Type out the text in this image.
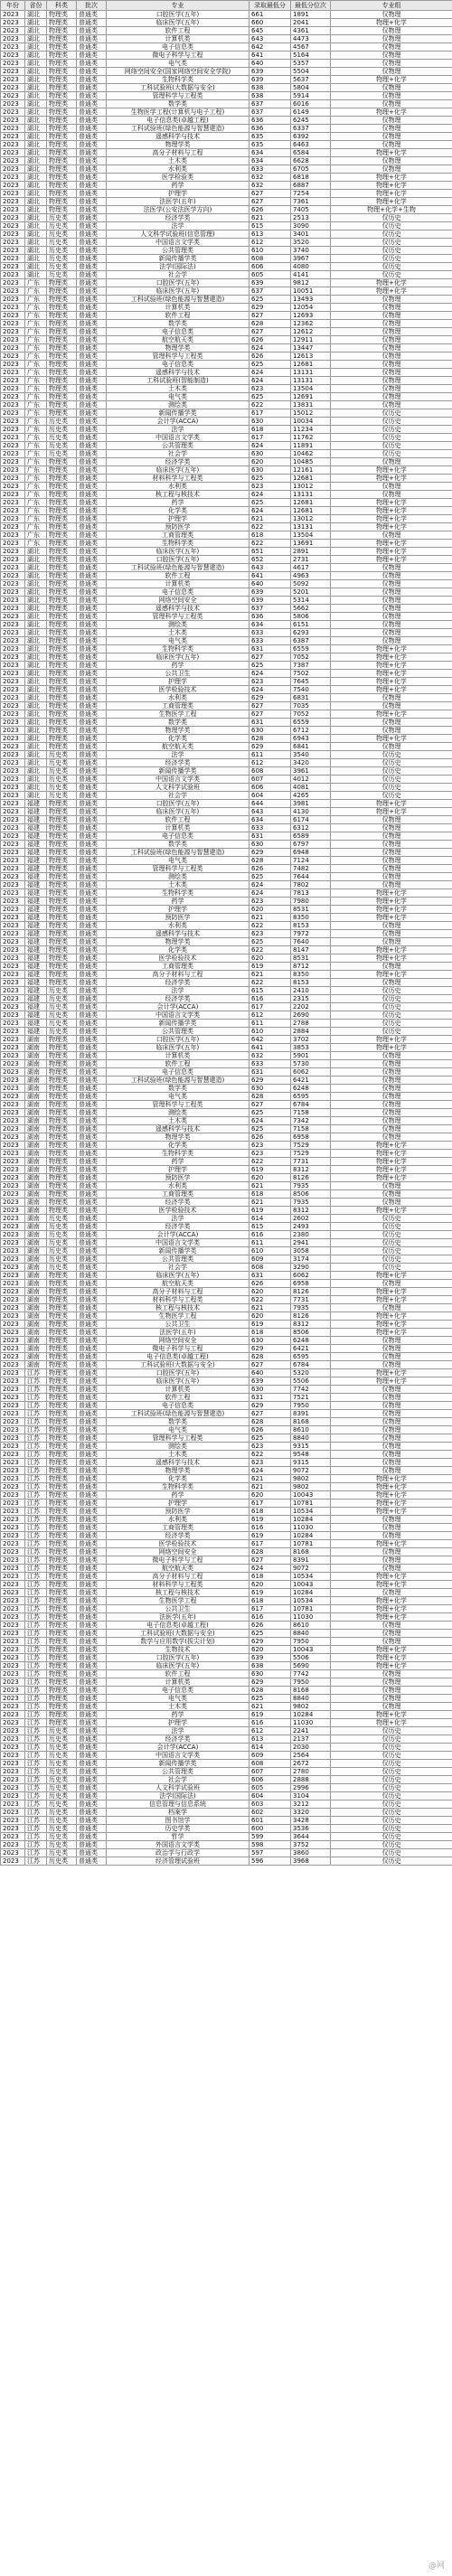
年份	省份	科类	批次	专业	录取最低分	最低分位次	专业组
2023	湖北	物理类	普通类	口腔医学(五年)	661	1891	仅物理
2023	湖北	物理类	普通类	临床医学(五年)	660	2041	物理+化学
2023	湖北	物理类	普通类	软件工程	645	4361	仅物理
2023	湖北	物理类	普通类	计算机类	643	4473	仅物理
2023	湖北	物理类	普通类	电子信息类	642	4567	仅物理
2023	湖北	物理类	普通类	微电子科学与工程	641	5164	仅物理
2023	湖北	物理类	普通类	电气类	640	5357	仅物理
2023	湖北	物理类	普通类	网络空间安全(国家网络空间安全学院)	639	5504	仅物理
2023	湖北	物理类	普通类	生物科学类	639	5637	物理+化学
2023	湖北	物理类	普通类	工科试验班(大数据与安全)	638	5804	仅物理
2023	湖北	物理类	普通类	管理科学与工程类	638	5914	仅物理
2023	湖北	物理类	普通类	数学类	637	6016	仅物理
2023	湖北	物理类	普通类	生物医学工程(计算机与电子工程)	637	6149	物理+化学
2023	湖北	物理类	普通类	电子信息类(卓越工程)	636	6245	仅物理
2023	湖北	物理类	普通类	工科试验班(绿色能源与智慧建造)	636	6337	仅物理
2023	湖北	物理类	普通类	遥感科学与技术	635	6392	仅物理
2023	湖北	物理类	普通类	物理学类	635	6463	仅物理
2023	湖北	物理类	普通类	高分子材料与工程	634	6584	物理+化学
2023	湖北	物理类	普通类	土木类	634	6628	仅物理
2023	湖北	物理类	普通类	水利类	633	6705	仅物理
2023	湖北	物理类	普通类	医学检验类	632	6818	物理+化学
2023	湖北	物理类	普通类	药学	632	6887	物理+化学
2023	湖北	物理类	普通类	护理学	627	7254	物理+化学
2023	湖北	物理类	普通类	法医学(五年)	627	7361	物理+化学
2023	湖北	物理类	普通类	法医学(公安法医学方向)	626	7405	物理+化学+生物
2023	湖北	历史类	普通类	经济学类	621	2513	仅历史
2023	湖北	历史类	普通类	法学	615	3090	仅历史
2023	湖北	历史类	普通类	人文科学试验班(信息管理)	613	3401	仅历史
2023	湖北	历史类	普通类	中国语言文学类	612	3520	仅历史
2023	湖北	历史类	普通类	公共管理类	610	3740	仅历史
2023	湖北	历史类	普通类	新闻传播学类	608	3967	仅历史
2023	湖北	历史类	普通类	法学(国际法)	606	4080	仅历史
2023	湖北	历史类	普通类	社会学	605	4141	仅历史
2023	广东	物理类	普通类	口腔医学(五年)	639	9812	物理+化学
2023	广东	物理类	普通类	临床医学(五年)	637	10051	物理+化学
2023	广东	物理类	普通类	工科试验班(绿色能源与智慧建造)	625	13493	仅物理
2023	广东	物理类	普通类	计算机类	629	12054	仅物理
2023	广东	物理类	普通类	软件工程	627	12693	仅物理
2023	广东	物理类	普通类	数学类	628	12362	仅物理
2023	广东	物理类	普通类	电子信息类	627	12612	仅物理
2023	广东	物理类	普通类	航空航天类	626	12911	仅物理
2023	广东	物理类	普通类	物理学类	624	13447	仅物理
2023	广东	物理类	普通类	管理科学与工程类	626	12613	仅物理
2023	广东	物理类	普通类	电子信息类	625	12681	仅物理
2023	广东	物理类	普通类	遥感科学与技术	624	13131	仅物理
2023	广东	物理类	普通类	工科试验班(智能制造)	624	13131	仅物理
2023	广东	物理类	普通类	土木类	623	13504	仅物理
2023	广东	物理类	普通类	电气类	625	12691	仅物理
2023	广东	物理类	普通类	测绘类	622	13831	仅物理
2023	广东	物理类	普通类	新闻传播学类	617	15012	仅历史
2023	广东	历史类	普通类	会计学(ACCA)	630	10034	仅历史
2023	广东	历史类	普通类	法学	618	11234	仅历史
2023	广东	历史类	普通类	中国语言文学类	617	11762	仅历史
2023	广东	历史类	普通类	公共管理类	624	11891	仅历史
2023	广东	历史类	普通类	社会学	630	10462	仅历史
2023	广东	物理类	普通类	经济学类	620	10485	仅物理
2023	广东	物理类	普通类	临床医学(五年)	630	12161	物理+化学
2023	广东	物理类	普通类	材料科学与工程类	625	12681	物理+化学
2023	广东	物理类	普通类	水利类	623	13012	仅物理
2023	广东	物理类	普通类	核工程与核技术	624	13131	仅物理
2023	广东	物理类	普通类	药学	625	12681	物理+化学
2023	广东	物理类	普通类	化学类	624	12681	物理+化学
2023	广东	物理类	普通类	护理学	621	13012	物理+化学
2023	广东	物理类	普通类	预防医学	622	13131	物理+化学
2023	广东	物理类	普通类	工商管理类	618	13504	仅物理
2023	广东	物理类	普通类	生物科学类	622	13691	物理+化学
2023	湖北	物理类	普通类	临床医学(五年)	651	2891	物理+化学
2023	湖北	物理类	普通类	口腔医学(五年)	652	2731	物理+化学
2023	湖北	物理类	普通类	工科试验班(绿色能源与智慧建造)	643	4617	仅物理
2023	湖北	物理类	普通类	软件工程	641	4963	仅物理
2023	湖北	物理类	普通类	计算机类	640	5092	仅物理
2023	湖北	物理类	普通类	电子信息类	639	5201	仅物理
2023	湖北	物理类	普通类	网络空间安全	639	5314	仅物理
2023	湖北	物理类	普通类	遥感科学与技术	637	5662	仅物理
2023	湖北	物理类	普通类	管理科学与工程类	636	5806	仅物理
2023	湖北	物理类	普通类	测绘类	634	6151	仅物理
2023	湖北	物理类	普通类	土木类	633	6293	仅物理
2023	湖北	物理类	普通类	电气类	633	6387	仅物理
2023	湖北	物理类	普通类	生物科学类	631	6559	物理+化学
2023	湖北	物理类	普通类	临床医学(五年)	627	7052	物理+化学
2023	湖北	物理类	普通类	药学	625	7387	物理+化学
2023	湖北	物理类	普通类	公共卫生	624	7502	物理+化学
2023	湖北	物理类	普通类	护理学	623	7645	物理+化学
2023	湖北	物理类	普通类	医学检验技术	624	7540	物理+化学
2023	湖北	物理类	普通类	水利类	629	6831	仅物理
2023	湖北	物理类	普通类	工商管理类	627	7035	仅物理
2023	湖北	物理类	普通类	生物医学工程	627	7052	物理+化学
2023	湖北	物理类	普通类	数学类	631	6559	仅物理
2023	湖北	物理类	普通类	物理学类	630	6712	仅物理
2023	湖北	物理类	普通类	化学类	628	6943	物理+化学
2023	湖北	物理类	普通类	航空航天类	629	6841	仅物理
2023	湖北	历史类	普通类	法学	611	3540	仅历史
2023	湖北	历史类	普通类	经济学类	612	3420	仅历史
2023	湖北	历史类	普通类	新闻传播学类	608	3961	仅历史
2023	湖北	历史类	普通类	中国语言文学类	607	4012	仅历史
2023	湖北	历史类	普通类	人文科学试验班	606	4081	仅历史
2023	湖北	历史类	普通类	社会学	604	4265	仅历史
2023	福建	物理类	普通类	口腔医学(五年)	644	3981	物理+化学
2023	福建	物理类	普通类	临床医学(五年)	643	4130	物理+化学
2023	福建	物理类	普通类	软件工程	634	6174	仅物理
2023	福建	物理类	普通类	计算机类	633	6312	仅物理
2023	福建	物理类	普通类	电子信息类	631	6589	仅物理
2023	福建	物理类	普通类	数学类	630	6797	仅物理
2023	福建	物理类	普通类	工科试验班(绿色能源与智慧建造)	629	6948	仅物理
2023	福建	物理类	普通类	电气类	628	7124	仅物理
2023	福建	物理类	普通类	管理科学与工程类	626	7482	仅物理
2023	福建	物理类	普通类	测绘类	625	7644	仅物理
2023	福建	物理类	普通类	土木类	624	7802	仅物理
2023	福建	物理类	普通类	生物科学类	624	7813	物理+化学
2023	福建	物理类	普通类	药学	623	7980	物理+化学
2023	福建	物理类	普通类	护理学	620	8531	物理+化学
2023	福建	物理类	普通类	预防医学	621	8350	物理+化学
2023	福建	物理类	普通类	水利类	622	8153	仅物理
2023	福建	物理类	普通类	遥感科学与技术	623	7972	仅物理
2023	福建	物理类	普通类	物理学类	625	7640	仅物理
2023	福建	物理类	普通类	化学类	622	8147	物理+化学
2023	福建	物理类	普通类	医学检验技术	620	8531	物理+化学
2023	福建	物理类	普通类	工商管理类	619	8712	仅物理
2023	福建	物理类	普通类	高分子材料与工程	621	8350	物理+化学
2023	福建	物理类	普通类	经济学类	622	8153	仅物理
2023	福建	历史类	普通类	法学	615	2410	仅历史
2023	福建	历史类	普通类	经济学类	616	2315	仅历史
2023	福建	历史类	普通类	会计学(ACCA)	617	2202	仅历史
2023	福建	历史类	普通类	中国语言文学类	612	2690	仅历史
2023	福建	历史类	普通类	新闻传播学类	611	2788	仅历史
2023	福建	历史类	普通类	公共管理类	610	2884	仅历史
2023	湖南	物理类	普通类	口腔医学(五年)	642	3702	物理+化学
2023	湖南	物理类	普通类	临床医学(五年)	641	3853	物理+化学
2023	湖南	物理类	普通类	计算机类	632	5901	仅物理
2023	湖南	物理类	普通类	软件工程	633	5730	仅物理
2023	湖南	物理类	普通类	电子信息类	631	6062	仅物理
2023	湖南	物理类	普通类	工科试验班(绿色能源与智慧建造)	629	6421	仅物理
2023	湖南	物理类	普通类	数学类	630	6248	仅物理
2023	湖南	物理类	普通类	电气类	628	6595	仅物理
2023	湖南	物理类	普通类	管理科学与工程类	627	6784	仅物理
2023	湖南	物理类	普通类	测绘类	625	7158	仅物理
2023	湖南	物理类	普通类	土木类	624	7342	仅物理
2023	湖南	物理类	普通类	遥感科学与技术	625	7158	仅物理
2023	湖南	物理类	普通类	物理学类	626	6958	仅物理
2023	湖南	物理类	普通类	化学类	623	7529	物理+化学
2023	湖南	物理类	普通类	生物科学类	623	7529	物理+化学
2023	湖南	物理类	普通类	药学	622	7731	物理+化学
2023	湖南	物理类	普通类	护理学	619	8312	物理+化学
2023	湖南	物理类	普通类	预防医学	620	8126	物理+化学
2023	湖南	物理类	普通类	水利类	621	7935	仅物理
2023	湖南	物理类	普通类	工商管理类	618	8506	仅物理
2023	湖南	物理类	普通类	经济学类	621	7935	仅物理
2023	湖南	物理类	普通类	医学检验技术	619	8312	物理+化学
2023	湖南	历史类	普通类	法学	614	2602	仅历史
2023	湖南	历史类	普通类	经济学类	615	2493	仅历史
2023	湖南	历史类	普通类	会计学(ACCA)	616	2380	仅历史
2023	湖南	历史类	普通类	中国语言文学类	611	2941	仅历史
2023	湖南	历史类	普通类	新闻传播学类	610	3058	仅历史
2023	湖南	历史类	普通类	公共管理类	609	3174	仅历史
2023	湖南	历史类	普通类	社会学	608	3290	仅历史
2023	湖南	物理类	普通类	临床医学(五年)	631	6062	物理+化学
2023	湖南	物理类	普通类	航空航天类	626	6958	仅物理
2023	湖南	物理类	普通类	高分子材料与工程	620	8126	物理+化学
2023	湖南	物理类	普通类	材料科学与工程类	622	7731	物理+化学
2023	湖南	物理类	普通类	核工程与核技术	621	7935	仅物理
2023	湖南	物理类	普通类	生物医学工程	620	8126	物理+化学
2023	湖南	物理类	普通类	公共卫生	619	8312	物理+化学
2023	湖南	物理类	普通类	法医学(五年)	618	8506	物理+化学
2023	湖南	物理类	普通类	网络空间安全	630	6248	仅物理
2023	湖南	物理类	普通类	微电子科学与工程	629	6421	仅物理
2023	湖南	物理类	普通类	电子信息类(卓越工程)	628	6595	仅物理
2023	湖南	物理类	普通类	工科试验班(大数据与安全)	627	6784	仅物理
2023	江苏	物理类	普通类	口腔医学(五年)	640	5320	物理+化学
2023	江苏	物理类	普通类	临床医学(五年)	639	5506	物理+化学
2023	江苏	物理类	普通类	计算机类	630	7742	仅物理
2023	江苏	物理类	普通类	软件工程	631	7521	仅物理
2023	江苏	物理类	普通类	电子信息类	629	7950	仅物理
2023	江苏	物理类	普通类	工科试验班(绿色能源与智慧建造)	627	8391	仅物理
2023	江苏	物理类	普通类	数学类	628	8168	仅物理
2023	江苏	物理类	普通类	电气类	626	8610	仅物理
2023	江苏	物理类	普通类	管理科学与工程类	625	8840	仅物理
2023	江苏	物理类	普通类	测绘类	623	9315	仅物理
2023	江苏	物理类	普通类	土木类	622	9548	仅物理
2023	江苏	物理类	普通类	遥感科学与技术	623	9315	仅物理
2023	江苏	物理类	普通类	物理学类	624	9072	仅物理
2023	江苏	物理类	普通类	化学类	621	9802	物理+化学
2023	江苏	物理类	普通类	生物科学类	621	9802	物理+化学
2023	江苏	物理类	普通类	药学	620	10043	物理+化学
2023	江苏	物理类	普通类	护理学	617	10781	物理+化学
2023	江苏	物理类	普通类	预防医学	618	10534	物理+化学
2023	江苏	物理类	普通类	水利类	619	10284	仅物理
2023	江苏	物理类	普通类	工商管理类	616	11030	仅物理
2023	江苏	物理类	普通类	经济学类	619	10284	仅物理
2023	江苏	物理类	普通类	医学检验技术	617	10781	物理+化学
2023	江苏	物理类	普通类	网络空间安全	628	8168	仅物理
2023	江苏	物理类	普通类	微电子科学与工程	627	8391	仅物理
2023	江苏	物理类	普通类	航空航天类	624	9072	仅物理
2023	江苏	物理类	普通类	高分子材料与工程	618	10534	物理+化学
2023	江苏	物理类	普通类	材料科学与工程类	620	10043	物理+化学
2023	江苏	物理类	普通类	核工程与核技术	619	10284	仅物理
2023	江苏	物理类	普通类	生物医学工程	618	10534	物理+化学
2023	江苏	物理类	普通类	公共卫生	617	10781	物理+化学
2023	江苏	物理类	普通类	法医学(五年)	616	11030	物理+化学
2023	江苏	物理类	普通类	电子信息类(卓越工程)	626	8610	仅物理
2023	江苏	物理类	普通类	工科试验班(大数据与安全)	625	8840	仅物理
2023	江苏	物理类	普通类	数学与应用数学(拔尖计划)	629	7950	仅物理
2023	江苏	物理类	普通类	生物技术	620	10043	物理+化学
2023	江苏	物理类	普通类	口腔医学(五年)	639	5506	物理+化学
2023	江苏	物理类	普通类	临床医学(五年)	638	5690	物理+化学
2023	江苏	物理类	普通类	软件工程	630	7742	仅物理
2023	江苏	物理类	普通类	计算机类	629	7950	仅物理
2023	江苏	物理类	普通类	电子信息类	628	8168	仅物理
2023	江苏	物理类	普通类	电气类	625	8840	仅物理
2023	江苏	物理类	普通类	土木类	621	9802	仅物理
2023	江苏	物理类	普通类	药学	619	10284	物理+化学
2023	江苏	物理类	普通类	护理学	616	11030	物理+化学
2023	江苏	历史类	普通类	法学	612	2241	仅历史
2023	江苏	历史类	普通类	经济学类	613	2137	仅历史
2023	江苏	历史类	普通类	会计学(ACCA)	614	2030	仅历史
2023	江苏	历史类	普通类	中国语言文学类	609	2564	仅历史
2023	江苏	历史类	普通类	新闻传播学类	608	2672	仅历史
2023	江苏	历史类	普通类	公共管理类	607	2780	仅历史
2023	江苏	历史类	普通类	社会学	606	2888	仅历史
2023	江苏	历史类	普通类	人文科学试验班	605	2996	仅历史
2023	江苏	历史类	普通类	法学(国际法)	604	3104	仅历史
2023	江苏	历史类	普通类	信息管理与信息系统	603	3212	仅历史
2023	江苏	历史类	普通类	档案学	602	3320	仅历史
2023	江苏	历史类	普通类	图书馆学	601	3428	仅历史
2023	江苏	历史类	普通类	历史学类	600	3536	仅历史
2023	江苏	历史类	普通类	哲学	599	3644	仅历史
2023	江苏	历史类	普通类	外国语言文学类	598	3752	仅历史
2023	江苏	历史类	普通类	政治学与行政学	597	3860	仅历史
2023	江苏	历史类	普通类	经济管理试验班	596	3968	仅历史
@网
